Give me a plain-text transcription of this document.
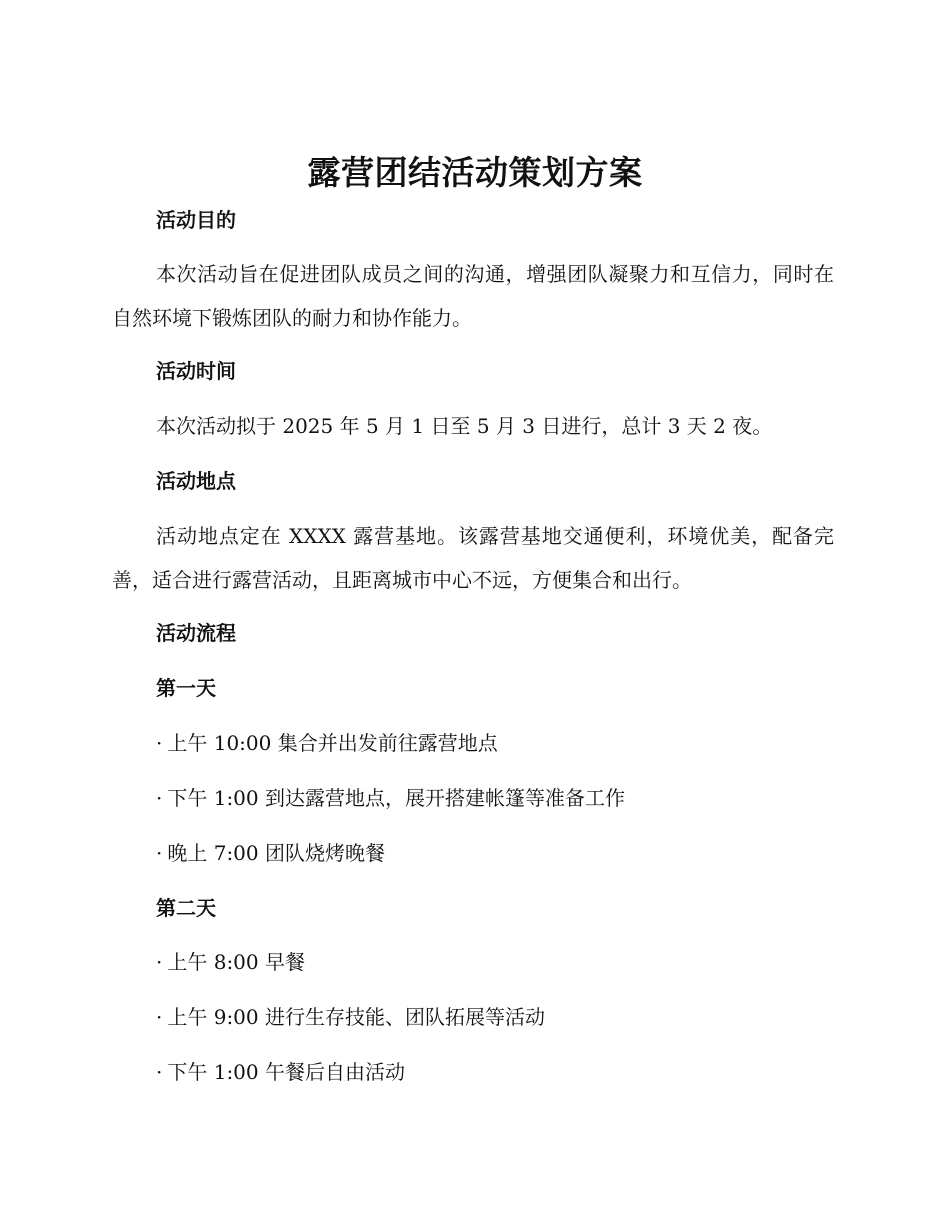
露营团结活动策划方案
活动目的

本次活动旨在促进团队成员之间的沟通，增强团队凝聚力和互信力，同时在自然环境下锻炼团队的耐力和协作能力。

活动时间

本次活动拟于 2025 年 5 月 1 日至 5 月 3 日进行，总计 3 天 2 夜。

活动地点

活动地点定在 XXXX 露营基地。该露营基地交通便利，环境优美，配备完善，适合进行露营活动，且距离城市中心不远，方便集合和出行。

活动流程
第一天

· 上午 10:00 集合并出发前往露营地点

· 下午 1:00 到达露营地点，展开搭建帐篷等准备工作

· 晚上 7:00 团队烧烤晚餐

第二天

· 上午 8:00 早餐

· 上午 9:00 进行生存技能、团队拓展等活动

· 下午 1:00 午餐后自由活动
